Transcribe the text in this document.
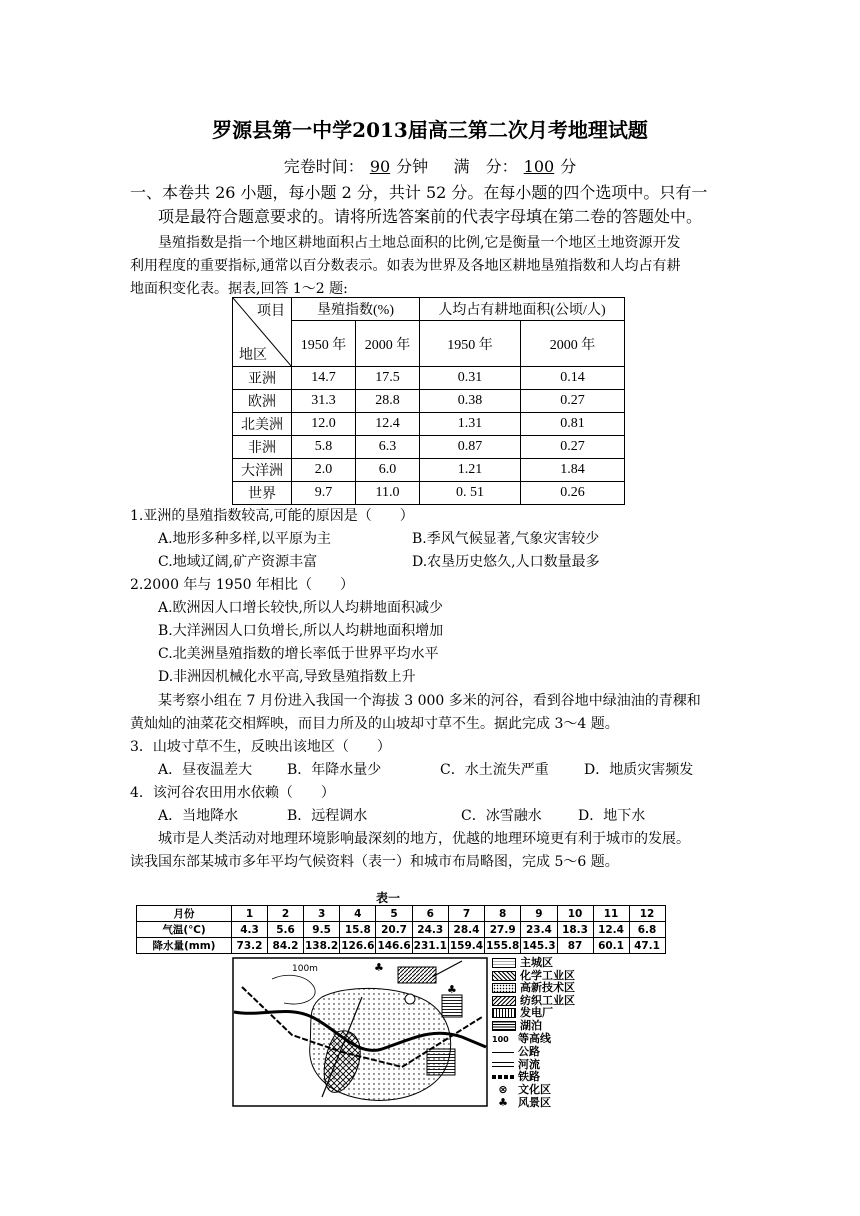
罗源县第一中学2013届高三第二次月考地理试题
完卷时间： 90 分钟 满　分： 100 分
一、本卷共 26 小题，每小题 2 分，共计 52 分。在每小题的四个选项中。只有一
项是最符合题意要求的。请将所选答案前的代表字母填在第二卷的答题处中。
垦殖指数是指一个地区耕地面积占土地总面积的比例,它是衡量一个地区土地资源开发
利用程度的重要指标,通常以百分数表示。如表为世界及各地区耕地垦殖指数和人均占有耕
地面积变化表。据表,回答 1～2 题:
项目
地区	垦殖指数(%)		人均占有耕地面积(公顷/人)	
	1950 年	2000 年	1950 年	2000 年
亚洲	14.7	17.5	0.31	0.14
欧洲	31.3	28.8	0.38	0.27
北美洲	12.0	12.4	1.31	0.81
非洲	5.8	6.3	0.87	0.27
大洋洲	2.0	6.0	1.21	1.84
世界	9.7	11.0	0. 51	0.26
1.亚洲的垦殖指数较高,可能的原因是（　　）
A.地形多种多样,以平原为主	B.季风气候显著,气象灾害较少
C.地域辽阔,矿产资源丰富	D.农垦历史悠久,人口数量最多
2.2000 年与 1950 年相比（　　）
A.欧洲因人口增长较快,所以人均耕地面积减少
B.大洋洲因人口负增长,所以人均耕地面积增加
C.北美洲垦殖指数的增长率低于世界平均水平
D.非洲因机械化水平高,导致垦殖指数上升
某考察小组在 7 月份进入我国一个海拔 3 000 多米的河谷，看到谷地中绿油油的青稞和
黄灿灿的油菜花交相辉映，而目力所及的山坡却寸草不生。据此完成 3～4 题。
3．山坡寸草不生，反映出该地区（　　）
A．昼夜温差大 B．年降水量少	C．水土流失严重	D．地质灾害频发
4．该河谷农田用水依赖（　　）
A．当地降水	B．远程调水	C．冰雪融水	D．地下水
城市是人类活动对地理环境影响最深刻的地方，优越的地理环境更有利于城市的发展。
读我国东部某城市多年平均气候资料（表一）和城市布局略图，完成 5～6 题。
表一
月份	1	2	3	4	5	6	7	8	9	10	11	12
气温(℃)	4.3	5.6	9.5	15.8	20.7	24.3	28.4	27.9	23.4	18.3	12.4	6.8
降水量(mm)	73.2	84.2	138.2	126.6	146.6	231.1	159.4	155.8	145.3	87	60.1	47.1
100m	♣
♣
主城区
化学工业区
高新技术区
纺织工业区
发电厂
湖泊
100 等高线
公路
河流
铁路
⊗ 文化区
♣ 风景区
